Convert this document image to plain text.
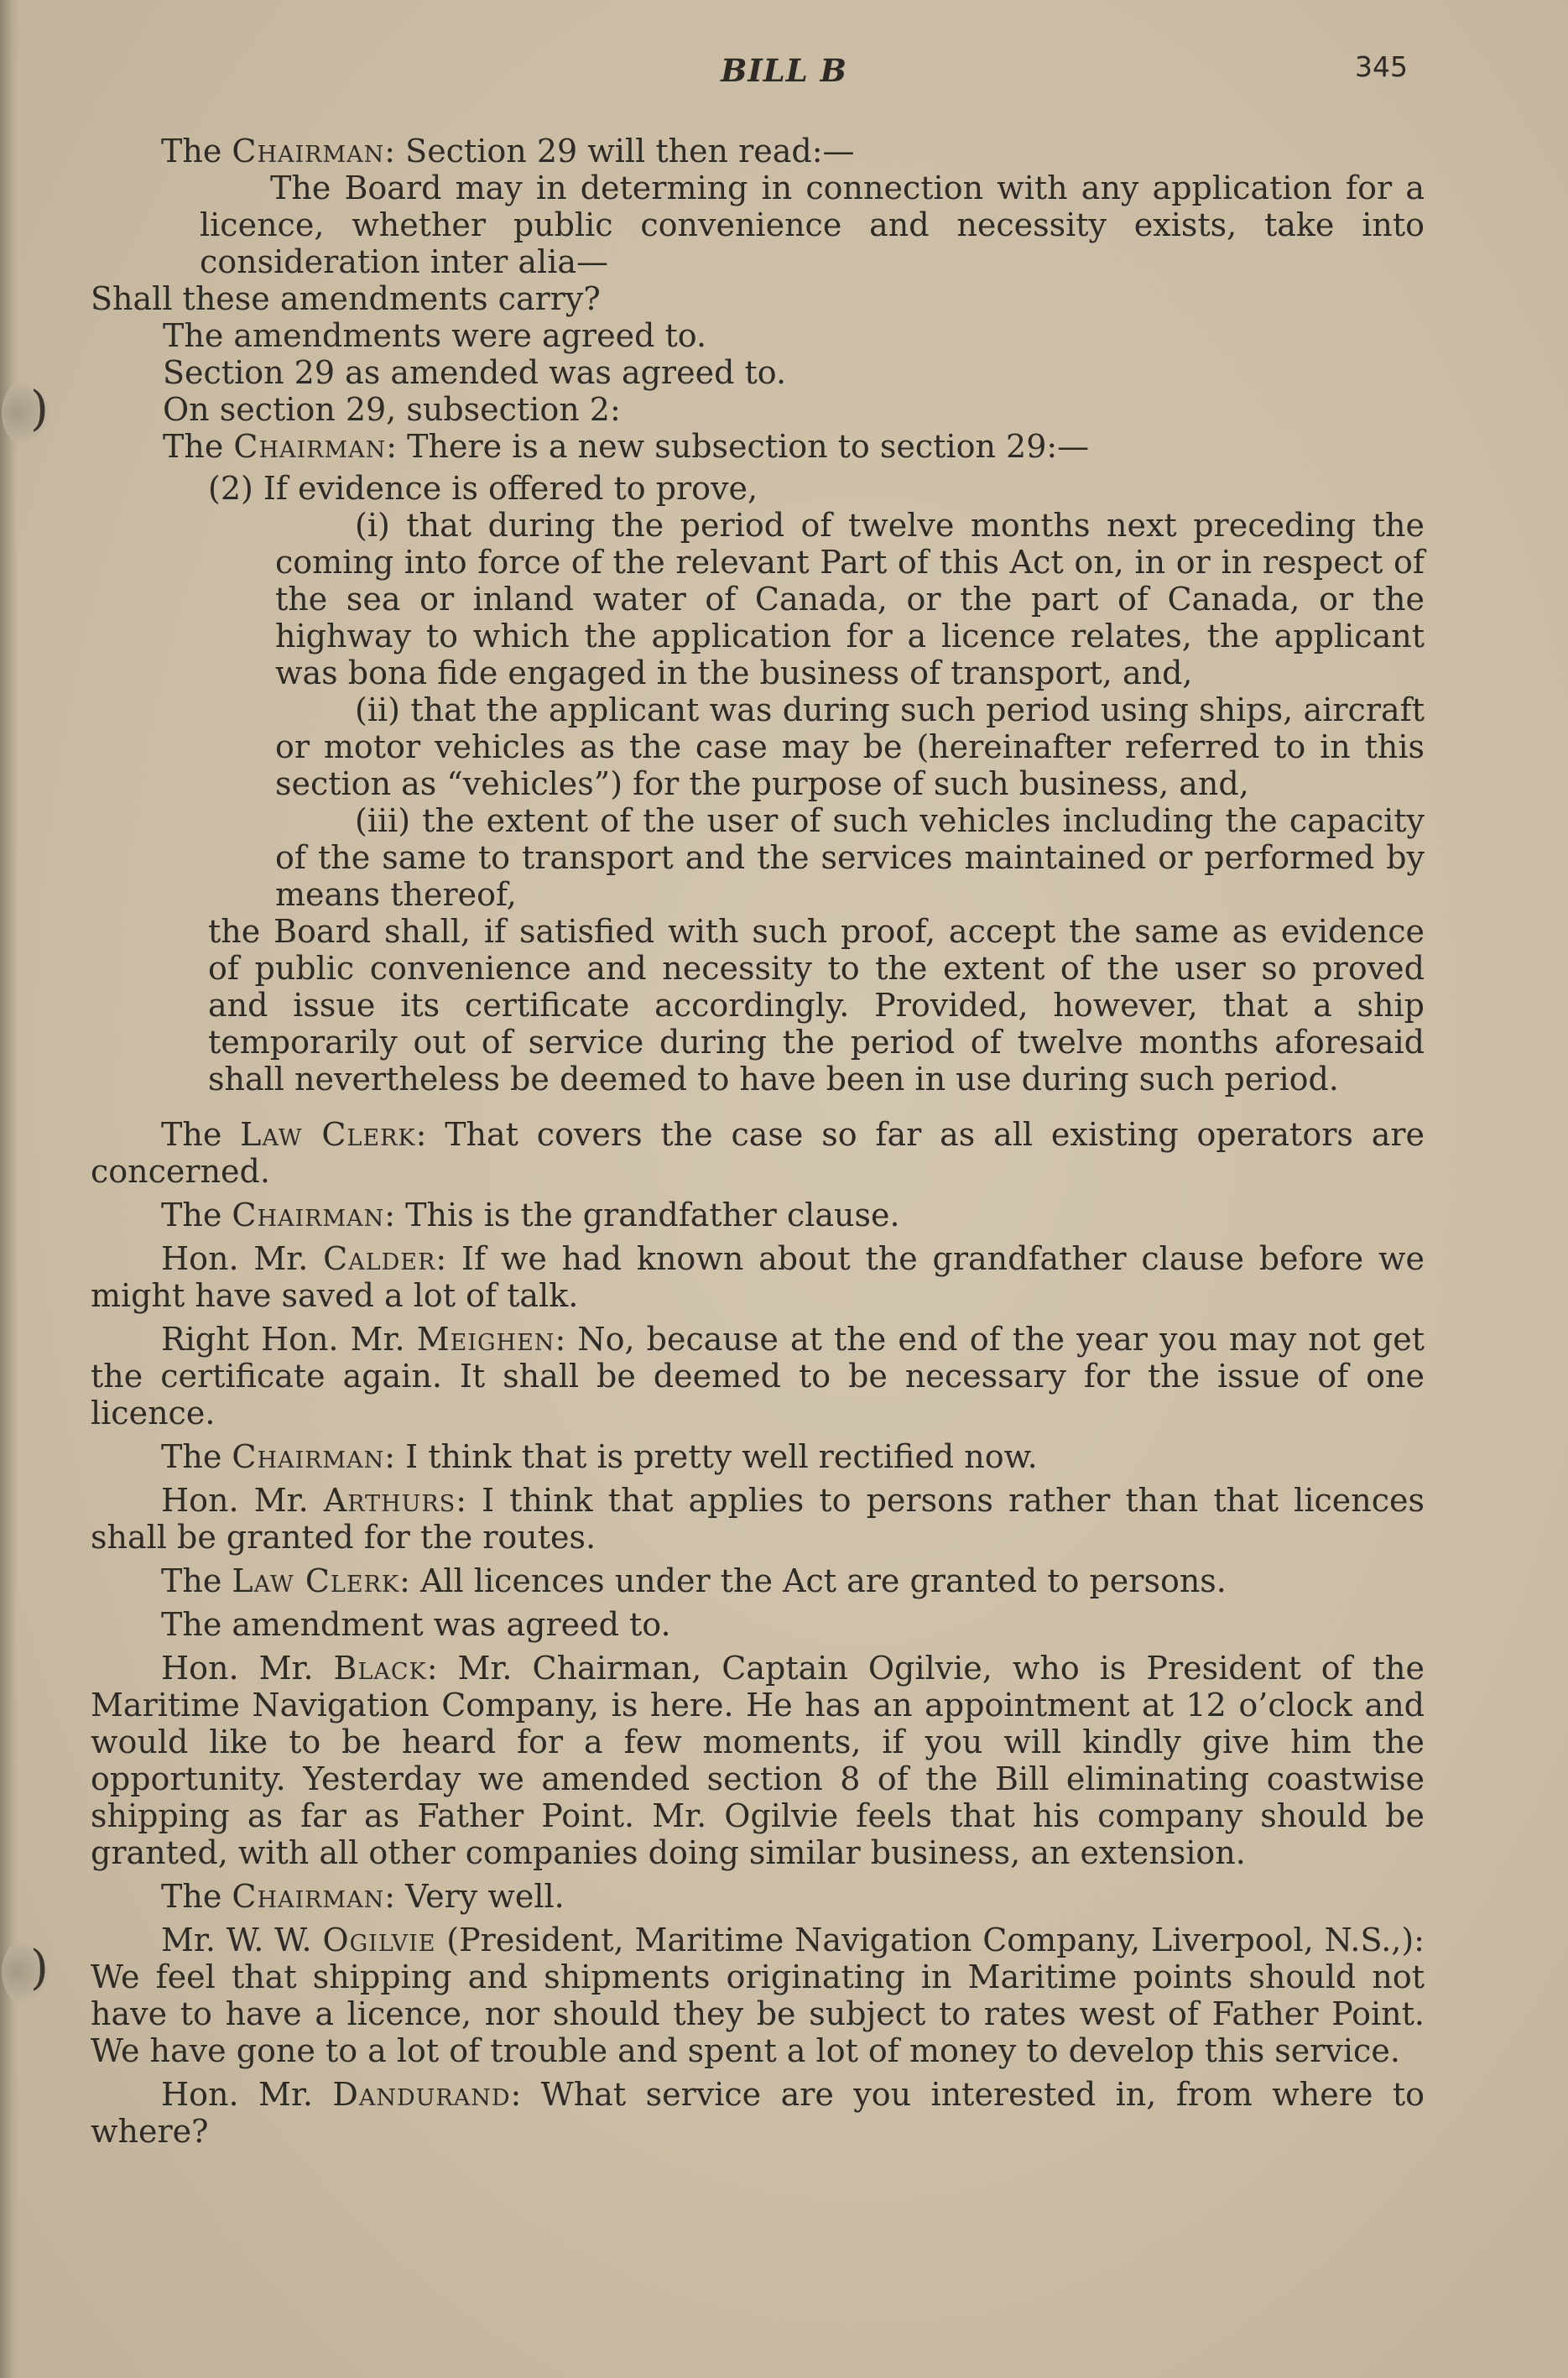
)
)
BILL B	345

The Chairman: Section 29 will then read:—

The Board may in determing in connection with any application for a licence, whether public convenience and necessity exists, take into consideration inter alia—

Shall these amendments carry?

The amendments were agreed to.

Section 29 as amended was agreed to.

On section 29, subsection 2:

The Chairman: There is a new subsection to section 29:—

(2) If evidence is offered to prove,

(i) that during the period of twelve months next preceding the coming into force of the relevant Part of this Act on, in or in respect of the sea or inland water of Canada, or the part of Canada, or the highway to which the application for a licence relates, the applicant was bona fide engaged in the business of transport, and,

(ii) that the applicant was during such period using ships, aircraft or motor vehicles as the case may be (hereinafter referred to in this section as “vehicles”) for the purpose of such business, and,

(iii) the extent of the user of such vehicles including the capacity of the same to transport and the services maintained or performed by means thereof,

the Board shall, if satisfied with such proof, accept the same as evidence of public convenience and necessity to the extent of the user so proved and issue its certificate accordingly. Provided, however, that a ship temporarily out of service during the period of twelve months aforesaid shall nevertheless be deemed to have been in use during such period.

The Law Clerk: That covers the case so far as all existing operators are concerned.

The Chairman: This is the grandfather clause.

Hon. Mr. Calder: If we had known about the grandfather clause before we might have saved a lot of talk.

Right Hon. Mr. Meighen: No, because at the end of the year you may not get the certificate again. It shall be deemed to be necessary for the issue of one licence.

The Chairman: I think that is pretty well rectified now.

Hon. Mr. Arthurs: I think that applies to persons rather than that licences shall be granted for the routes.

The Law Clerk: All licences under the Act are granted to persons.

The amendment was agreed to.

Hon. Mr. Black: Mr. Chairman, Captain Ogilvie, who is President of the Maritime Navigation Company, is here. He has an appointment at 12 o’clock and would like to be heard for a few moments, if you will kindly give him the opportunity. Yesterday we amended section 8 of the Bill eliminating coastwise shipping as far as Father Point. Mr. Ogilvie feels that his company should be granted, with all other companies doing similar business, an extension.

The Chairman: Very well.

Mr. W. W. Ogilvie (President, Maritime Navigation Company, Liverpool, N.S.,): We feel that shipping and shipments originating in Maritime points should not have to have a licence, nor should they be subject to rates west of Father Point. We have gone to a lot of trouble and spent a lot of money to develop this service.

Hon. Mr. Dandurand: What service are you interested in, from where to where?
